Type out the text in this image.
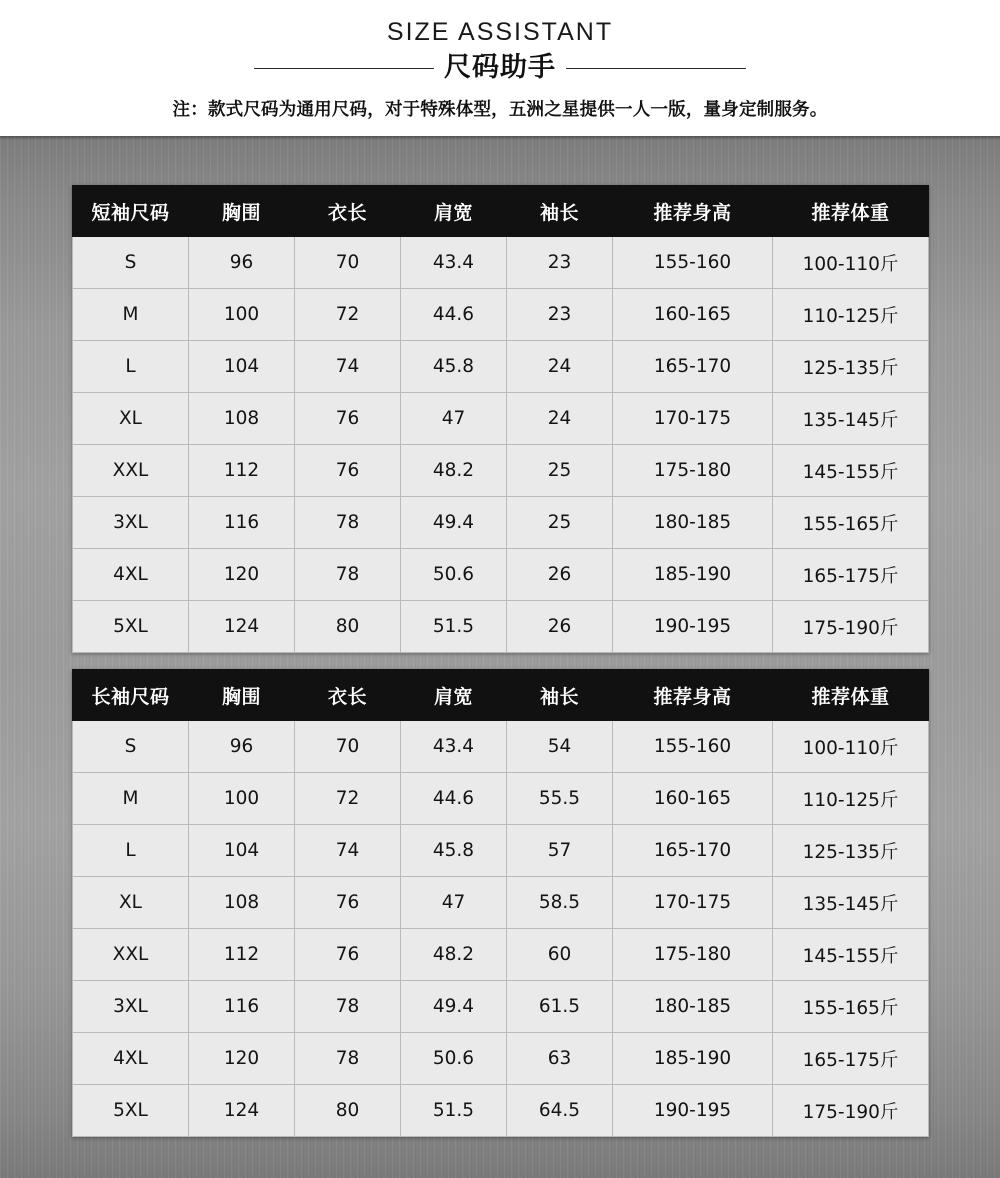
SIZE ASSISTANT
尺码助手
注：款式尺码为通用尺码，对于特殊体型，五洲之星提供一人一版，量身定制服务。
短袖尺码	胸围	衣长	肩宽	袖长	推荐身高	推荐体重
S	96	70	43.4	23	155-160	100-110斤
M	100	72	44.6	23	160-165	110-125斤
L	104	74	45.8	24	165-170	125-135斤
XL	108	76	47	24	170-175	135-145斤
XXL	112	76	48.2	25	175-180	145-155斤
3XL	116	78	49.4	25	180-185	155-165斤
4XL	120	78	50.6	26	185-190	165-175斤
5XL	124	80	51.5	26	190-195	175-190斤
长袖尺码	胸围	衣长	肩宽	袖长	推荐身高	推荐体重
S	96	70	43.4	54	155-160	100-110斤
M	100	72	44.6	55.5	160-165	110-125斤
L	104	74	45.8	57	165-170	125-135斤
XL	108	76	47	58.5	170-175	135-145斤
XXL	112	76	48.2	60	175-180	145-155斤
3XL	116	78	49.4	61.5	180-185	155-165斤
4XL	120	78	50.6	63	185-190	165-175斤
5XL	124	80	51.5	64.5	190-195	175-190斤
